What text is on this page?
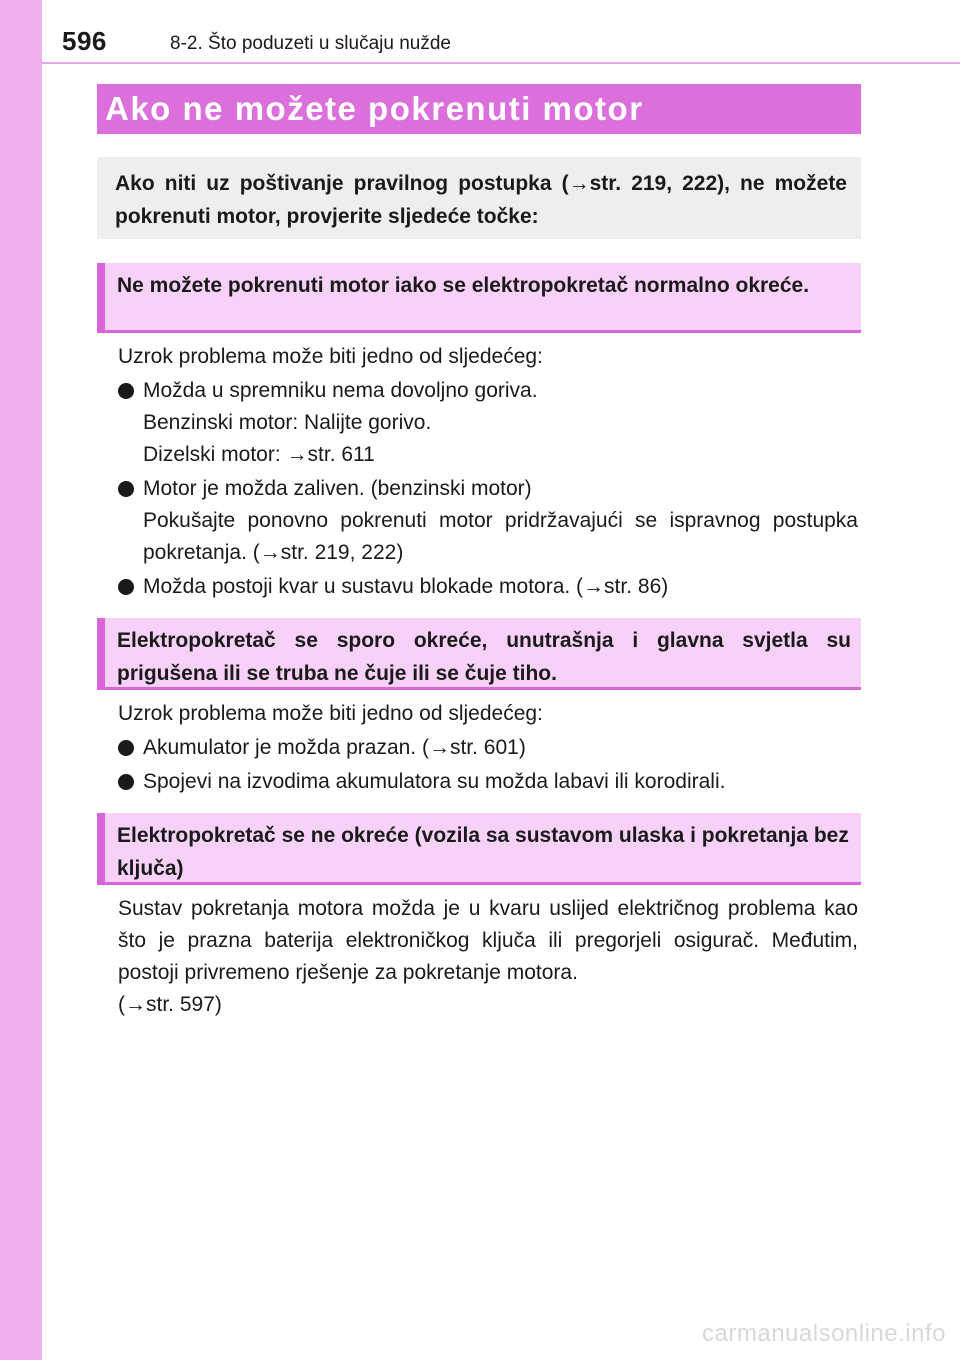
596	8-2. Što poduzeti u slučaju nužde
Ako ne možete pokrenuti motor
Ako niti uz poštivanje pravilnog postupka (→str. 219, 222), ne možete pokrenuti motor, provjerite sljedeće točke:
Ne možete pokrenuti motor iako se elektropokretač normalno okreće.

Uzrok problema može biti jedno od sljedećeg:

Možda u spremniku nema dovoljno goriva.
Benzinski motor: Nalijte gorivo.
Dizelski motor: →str. 611
Motor je možda zaliven. (benzinski motor)
Pokušajte ponovno pokrenuti motor pridržavajući se ispravnog postupka pokretanja. (→str. 219, 222)
Možda postoji kvar u sustavu blokade motora. (→str. 86)
Elektropokretač se sporo okreće, unutrašnja i glavna svjetla su prigušena ili se truba ne čuje ili se čuje tiho.

Uzrok problema može biti jedno od sljedećeg:

Akumulator je možda prazan. (→str. 601)
Spojevi na izvodima akumulatora su možda labavi ili korodirali.
Elektropokretač se ne okreće (vozila sa sustavom ulaska i pokretanja bez ključa)

Sustav pokretanja motora možda je u kvaru uslijed električnog problema kao što je prazna baterija elektroničkog ključa ili pregorjeli osigurač. Međutim, postoji privremeno rješenje za pokretanje motora.

(→str. 597)

carmanualsonline.info
